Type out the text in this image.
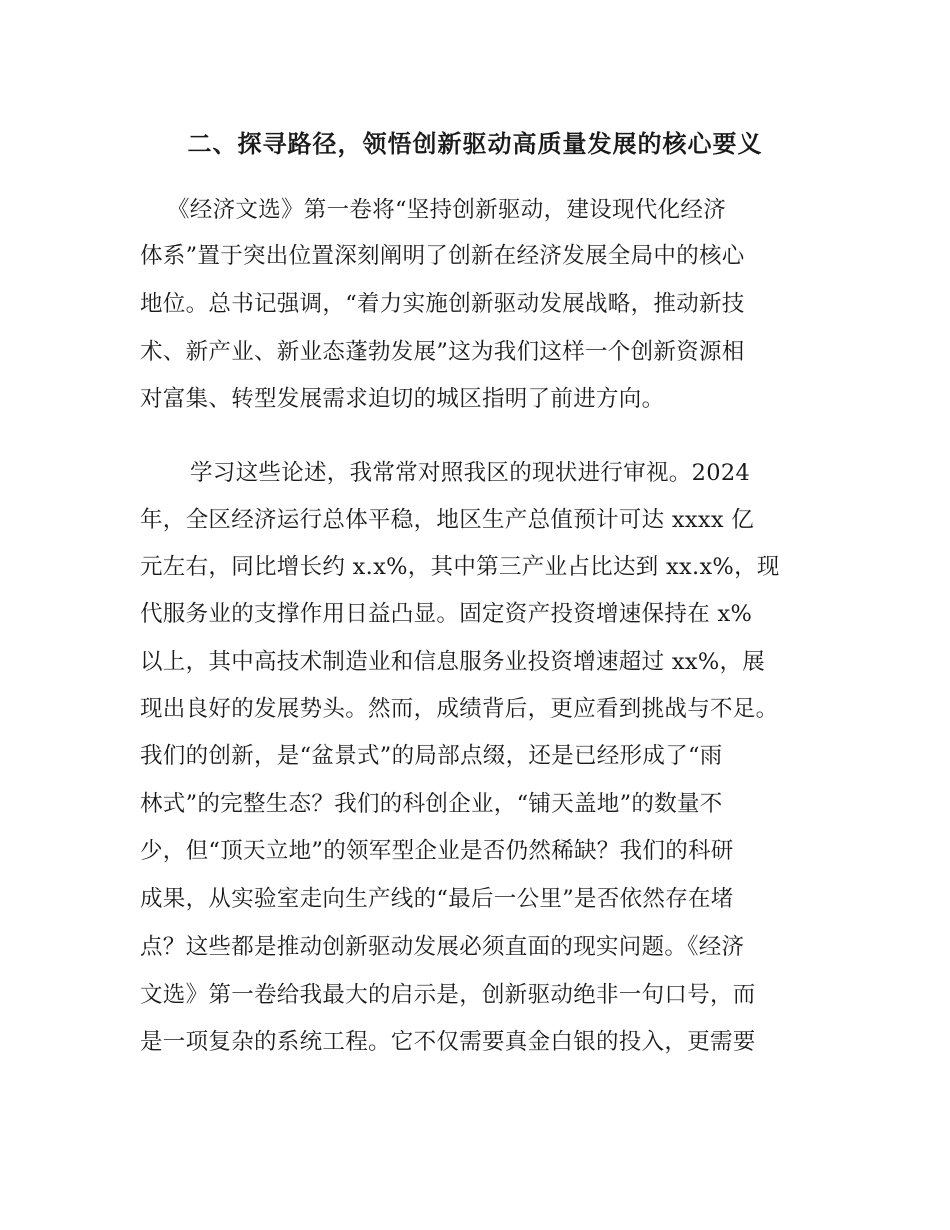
二、探寻路径，领悟创新驱动高质量发展的核心要义
《经济文选》第一卷将“坚持创新驱动，建设现代化经济
体系”置于突出位置深刻阐明了创新在经济发展全局中的核心
地位。总书记强调，“着力实施创新驱动发展战略，推动新技
术、新产业、新业态蓬勃发展”这为我们这样一个创新资源相
对富集、转型发展需求迫切的城区指明了前进方向。
学习这些论述，我常常对照我区的现状进行审视。2024
年，全区经济运行总体平稳，地区生产总值预计可达 xxxx 亿
元左右，同比增长约 x.x%，其中第三产业占比达到 xx.x%，现
代服务业的支撑作用日益凸显。固定资产投资增速保持在 x%
以上，其中高技术制造业和信息服务业投资增速超过 xx%，展
现出良好的发展势头。然而，成绩背后，更应看到挑战与不足。
我们的创新，是“盆景式”的局部点缀，还是已经形成了“雨
林式”的完整生态？我们的科创企业，“铺天盖地”的数量不
少，但“顶天立地”的领军型企业是否仍然稀缺？我们的科研
成果，从实验室走向生产线的“最后一公里”是否依然存在堵
点？这些都是推动创新驱动发展必须直面的现实问题。《经济
文选》第一卷给我最大的启示是，创新驱动绝非一句口号，而
是一项复杂的系统工程。它不仅需要真金白银的投入，更需要
